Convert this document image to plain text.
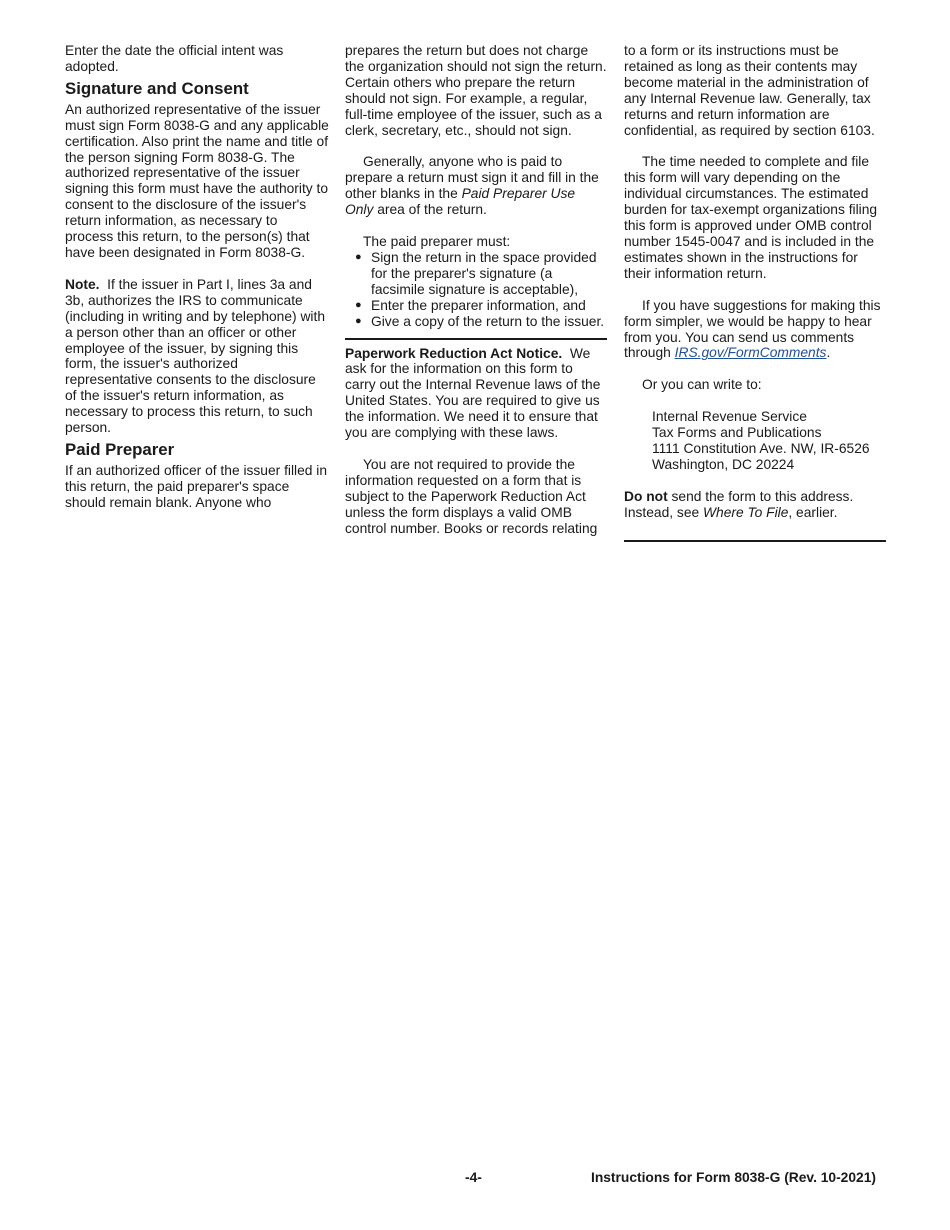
Enter the date the official intent was adopted.

Signature and Consent

An authorized representative of the issuer must sign Form 8038-G and any applicable certification. Also print the name and title of the person signing Form 8038-G. The authorized representative of the issuer signing this form must have the authority to consent to the disclosure of the issuer's return information, as necessary to process this return, to the person(s) that have been designated in Form 8038-G.

Note. If the issuer in Part I, lines 3a and 3b, authorizes the IRS to communicate (including in writing and by telephone) with a person other than an officer or other employee of the issuer, by signing this form, the issuer's authorized representative consents to the disclosure of the issuer's return information, as necessary to process this return, to such person.

Paid Preparer

If an authorized officer of the issuer filled in this return, the paid preparer's space should remain blank. Anyone who

prepares the return but does not charge the organization should not sign the return. Certain others who prepare the return should not sign. For example, a regular, full-time employee of the issuer, such as a clerk, secretary, etc., should not sign.

Generally, anyone who is paid to prepare a return must sign it and fill in the other blanks in the Paid Preparer Use Only area of the return.

The paid preparer must:

● Sign the return in the space provided for the preparer's signature (a facsimile signature is acceptable),
● Enter the preparer information, and
● Give a copy of the return to the issuer.

Paperwork Reduction Act Notice. We ask for the information on this form to carry out the Internal Revenue laws of the United States. You are required to give us the information. We need it to ensure that you are complying with these laws.

You are not required to provide the information requested on a form that is subject to the Paperwork Reduction Act unless the form displays a valid OMB control number. Books or records relating

to a form or its instructions must be retained as long as their contents may become material in the administration of any Internal Revenue law. Generally, tax returns and return information are confidential, as required by section 6103.

The time needed to complete and file this form will vary depending on the individual circumstances. The estimated burden for tax-exempt organizations filing this form is approved under OMB control number 1545-0047 and is included in the estimates shown in the instructions for their information return.

If you have suggestions for making this form simpler, we would be happy to hear from you. You can send us comments through IRS.gov/FormComments.

Or you can write to:

Internal Revenue Service
Tax Forms and Publications
1111 Constitution Ave. NW, IR-6526
Washington, DC 20224

Do not send the form to this address. Instead, see Where To File, earlier.

-4-	Instructions for Form 8038-G (Rev. 10-2021)
